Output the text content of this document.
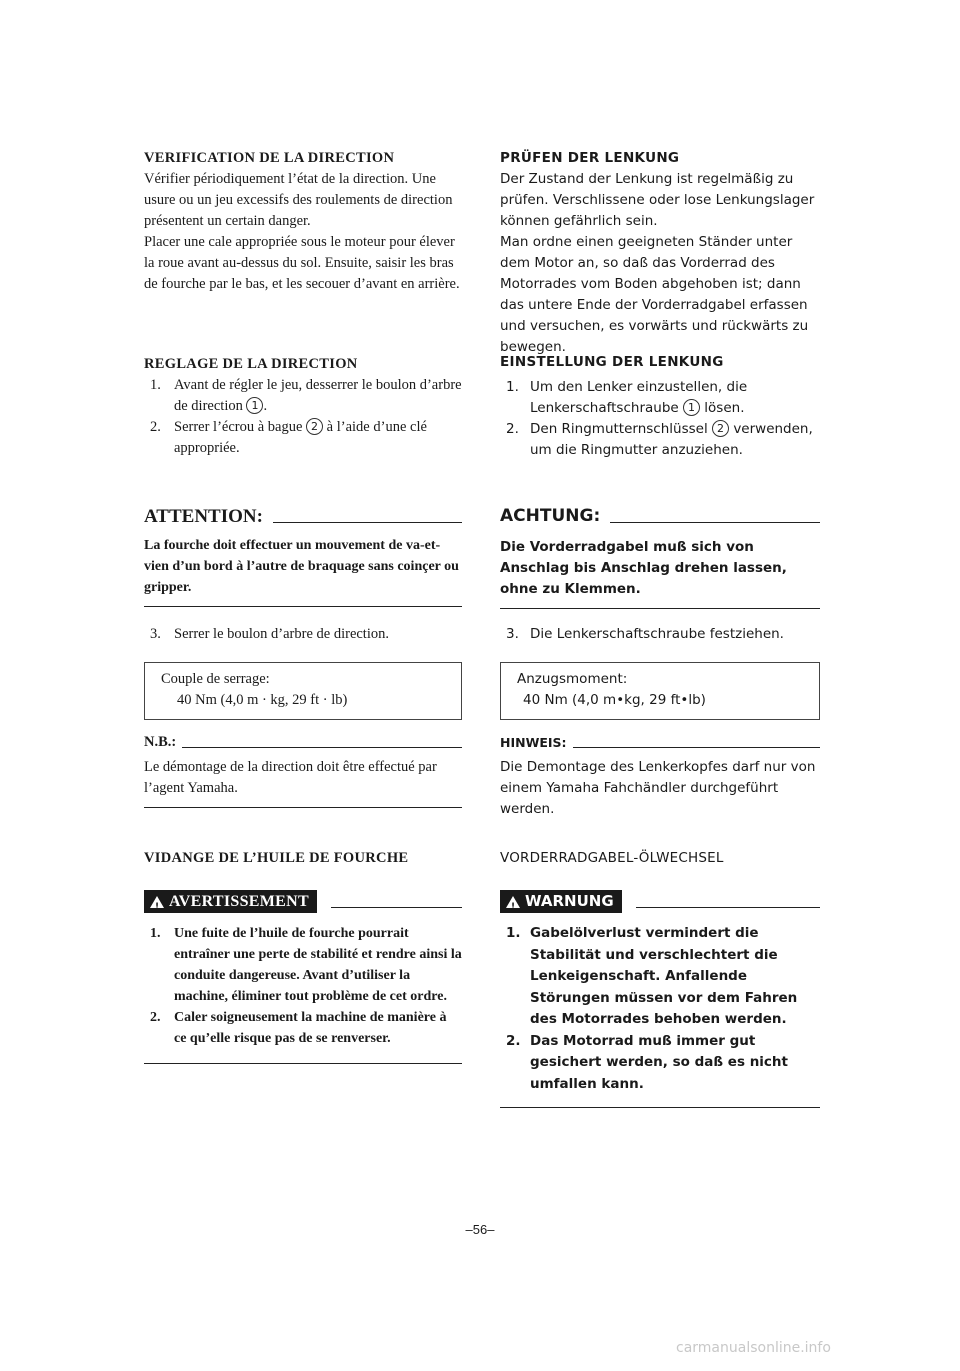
VERIFICATION DE LA DIRECTION

Vérifier périodiquement l’état de la direction. Une usure ou un jeu excessifs des roulements de direction présentent un certain danger.

Placer une cale appropriée sous le moteur pour élever la roue avant au-dessus du sol. Ensuite, saisir les bras de fourche par le bas, et les secouer d’avant en arrière.

REGLAGE DE LA DIRECTION
1. Avant de régler le jeu, desserrer le boulon d’arbre de direction 1 .
2. Serrer l’écrou à bague 2 à l’aide d’une clé appropriée.
ATTENTION:

La fourche doit effectuer un mouvement de va-et-vien d’un bord à l’autre de braquage sans coinçer ou gripper.

3. Serrer le boulon d’arbre de direction.
Couple de serrage:
40 Nm (4,0 m · kg, 29 ft · lb)
N.B.:

Le démontage de la direction doit être effectué par l’agent Yamaha.

VIDANGE DE L’HUILE DE FOURCHE
!
AVERTISSEMENT
1. Une fuite de l’huile de fourche pourrait entraîner une perte de stabilité et rendre ainsi la conduite dangereuse. Avant d’utiliser la machine, éliminer tout problème de cet ordre.
2. Caler soigneusement la machine de manière à ce qu’elle risque pas de se renverser.
PRÜFEN DER LENKUNG

Der Zustand der Lenkung ist regelmäßig zu prüfen. Verschlissene oder lose Lenkungslager können gefährlich sein.

Man ordne einen geeigneten Ständer unter dem Motor an, so daß das Vorderrad des Motorrades vom Boden abgehoben ist; dann das untere Ende der Vorderradgabel erfassen und versuchen, es vorwärts und rückwärts zu bewegen.

EINSTELLUNG DER LENKUNG
1. Um den Lenker einzustellen, die Lenkerschaftschraube 1 lösen.
2. Den Ringmutternschlüssel 2 verwenden, um die Ringmutter anzuziehen.
ACHTUNG:

Die Vorderradgabel muß sich von Anschlag bis Anschlag drehen lassen, ohne zu Klemmen.

3. Die Lenkerschaftschraube festziehen.
Anzugsmoment:
40 Nm (4,0 m•kg, 29 ft•lb)
HINWEIS:

Die Demontage des Lenkerkopfes darf nur von einem Yamaha Fahchändler durchgeführt werden.

VORDERRADGABEL-ÖLWECHSEL
!
WARNUNG
1. Gabelölverlust vermindert die Stabilität und verschlechtert die Lenkeigenschaft. Anfallende Störungen müssen vor dem Fahren des Motorrades behoben werden.
2. Das Motorrad muß immer gut gesichert werden, so daß es nicht umfallen kann.
–56–
carmanualsonline.info
